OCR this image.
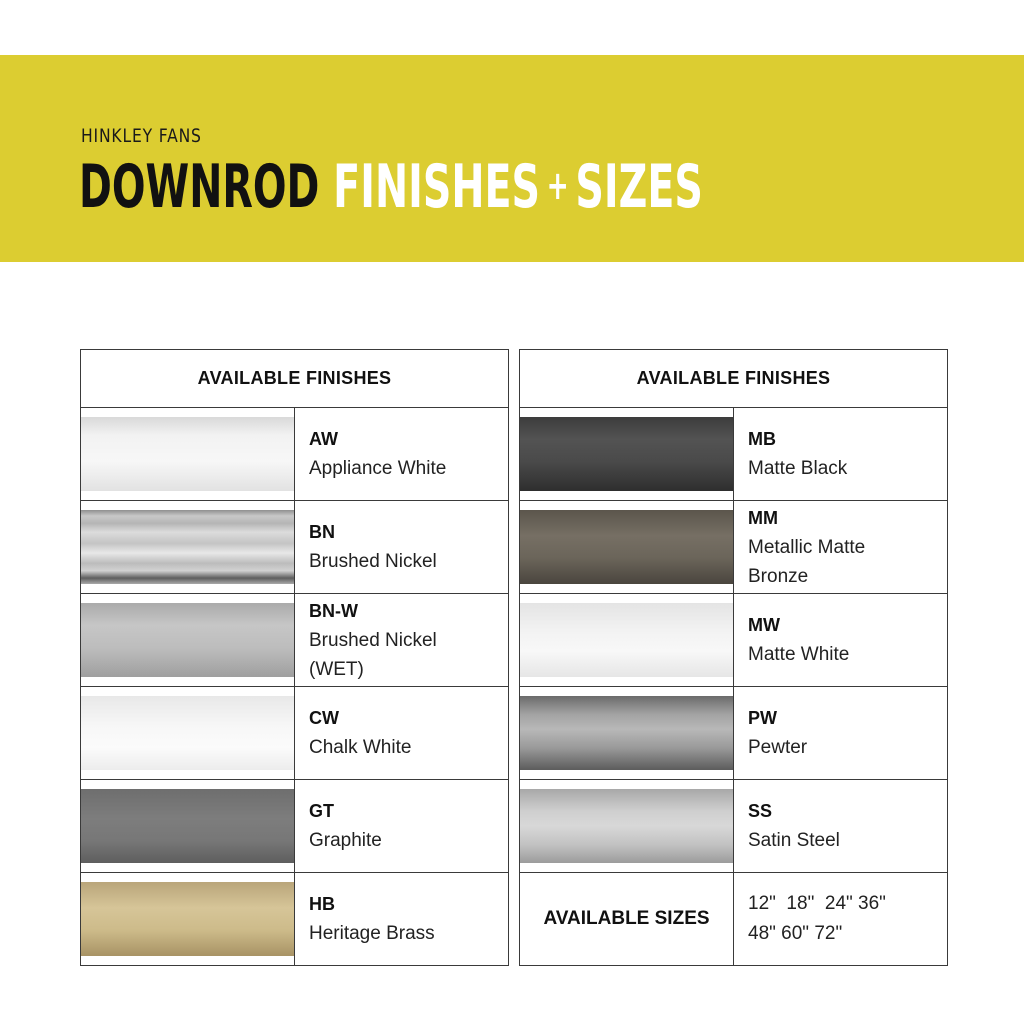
HINKLEY FANS
DOWNROD FINISHES + SIZES
AVAILABLE FINISHES	

	AW
Appliance White

	BN
Brushed Nickel

	BN-W
Brushed Nickel
(WET)

	CW
Chalk White

	GT
Graphite

	HB
Heritage Brass
AVAILABLE FINISHES	

	MB
Matte Black

	MM
Metallic Matte
Bronze

	MW
Matte White

	PW
Pewter

	SS
Satin Steel

AVAILABLE SIZES	12"  18"  24" 36"
48" 60" 72"
